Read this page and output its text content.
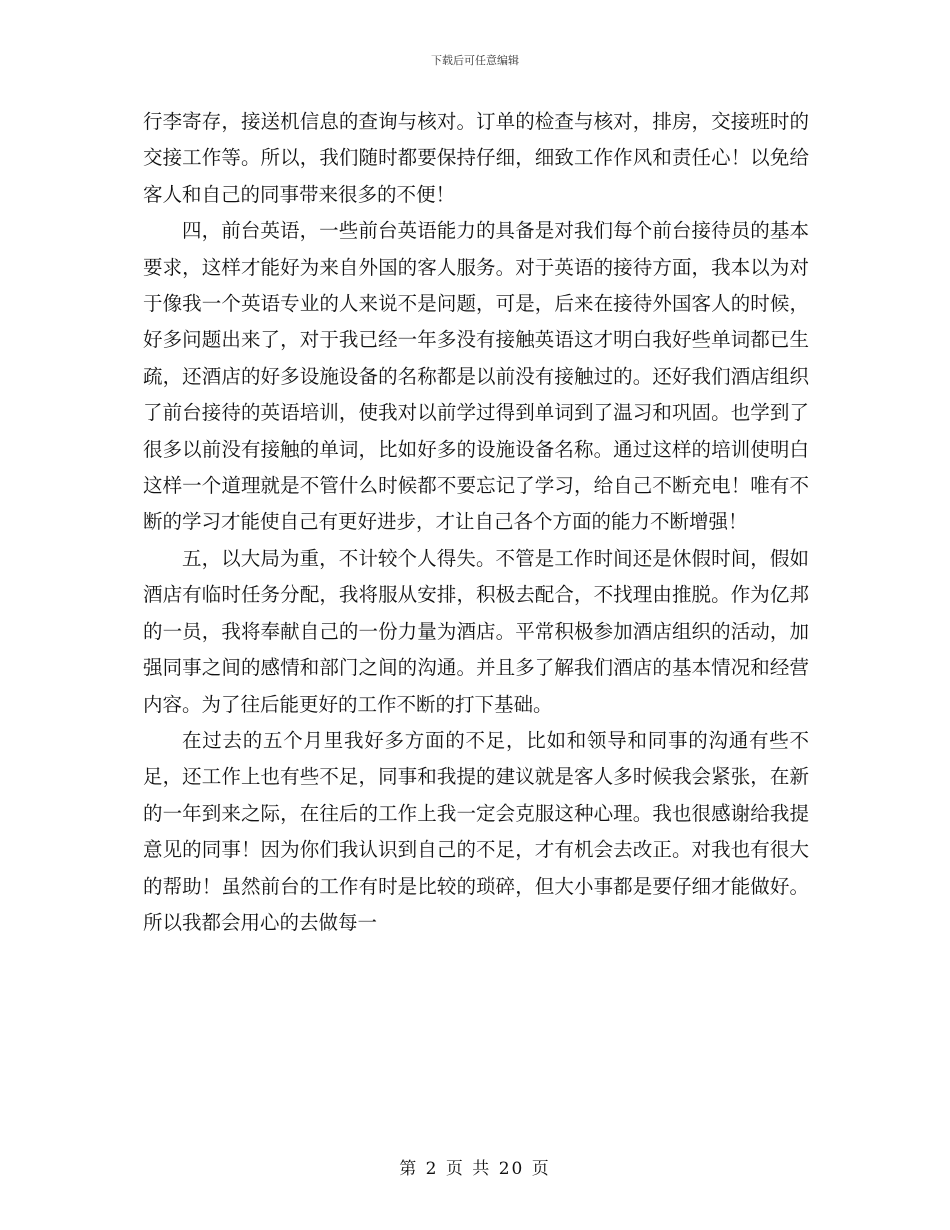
下载后可任意编辑

行李寄存，接送机信息的查询与核对。订单的检查与核对，排房，交接班时的交接工作等。所以，我们随时都要保持仔细，细致工作作风和责任心！以免给客人和自己的同事带来很多的不便！

四，前台英语，一些前台英语能力的具备是对我们每个前台接待员的基本要求，这样才能好为来自外国的客人服务。对于英语的接待方面，我本以为对于像我一个英语专业的人来说不是问题，可是，后来在接待外国客人的时候，好多问题出来了，对于我已经一年多没有接触英语这才明白我好些单词都已生疏，还酒店的好多设施设备的名称都是以前没有接触过的。还好我们酒店组织了前台接待的英语培训，使我对以前学过得到单词到了温习和巩固。也学到了很多以前没有接触的单词，比如好多的设施设备名称。通过这样的培训使明白这样一个道理就是不管什么时候都不要忘记了学习，给自己不断充电！唯有不断的学习才能使自己有更好进步，才让自己各个方面的能力不断增强！

五，以大局为重，不计较个人得失。不管是工作时间还是休假时间，假如酒店有临时任务分配，我将服从安排，积极去配合，不找理由推脱。作为亿邦的一员，我将奉献自己的一份力量为酒店。平常积极参加酒店组织的活动，加强同事之间的感情和部门之间的沟通。并且多了解我们酒店的基本情况和经营内容。为了往后能更好的工作不断的打下基础。

在过去的五个月里我好多方面的不足，比如和领导和同事的沟通有些不足，还工作上也有些不足，同事和我提的建议就是客人多时候我会紧张，在新的一年到来之际，在往后的工作上我一定会克服这种心理。我也很感谢给我提意见的同事！因为你们我认识到自己的不足，才有机会去改正。对我也有很大的帮助！虽然前台的工作有时是比较的琐碎，但大小事都是要仔细才能做好。所以我都会用心的去做每一

第 2 页 共 20 页
